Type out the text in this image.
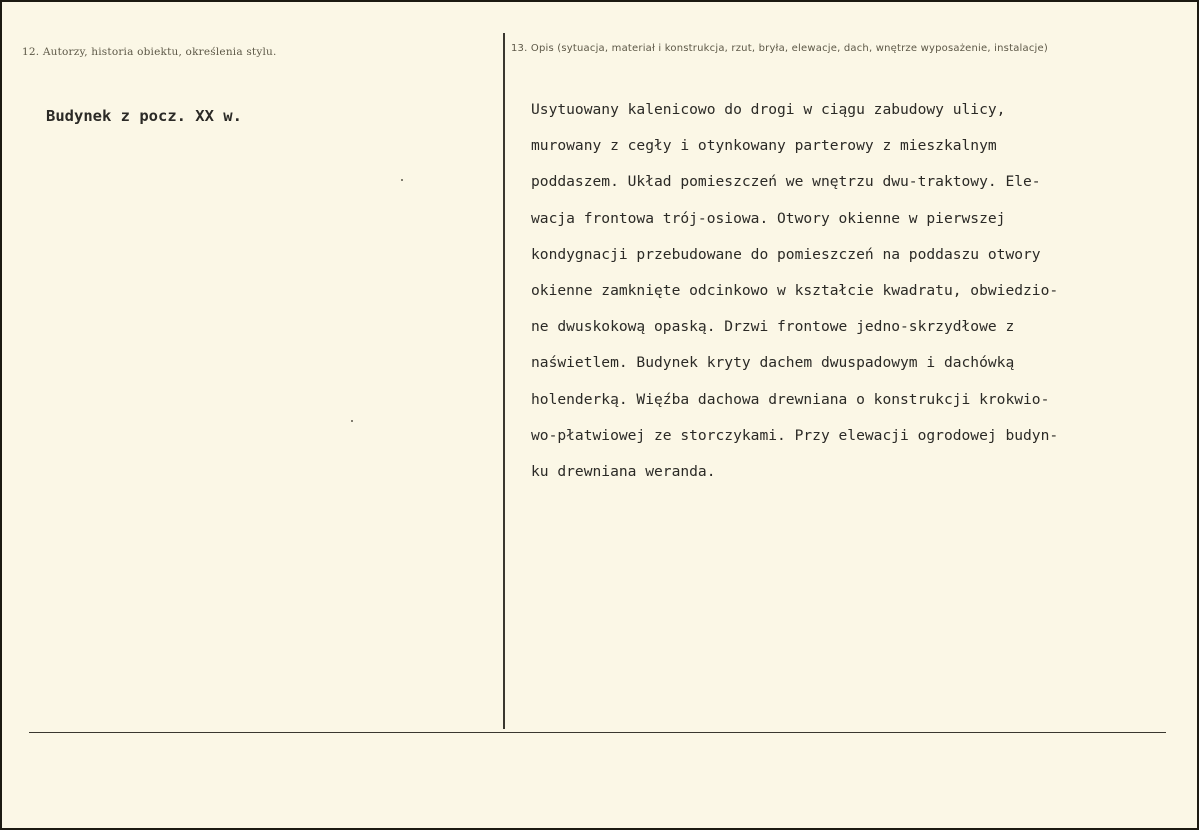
12. Autorzy, historia obiektu, określenia stylu.	13. Opis (sytuacja, materiał i konstrukcja, rzut, bryła, elewacje, dach, wnętrze wyposażenie, instalacje)
Budynek z pocz. XX w.	Usytuowany kalenicowo do drogi w ciągu zabudowy ulicy,
murowany z cegły i otynkowany parterowy z mieszkalnym
poddaszem. Układ pomieszczeń we wnętrzu dwu-traktowy. Ele-
wacja frontowa trój-osiowa. Otwory okienne w pierwszej
kondygnacji przebudowane do pomieszczeń na poddaszu otwory
okienne zamknięte odcinkowo w kształcie kwadratu, obwiedzio-
ne dwuskokową opaską. Drzwi frontowe jedno-skrzydłowe z
naświetlem. Budynek kryty dachem dwuspadowym i dachówką
holenderką. Więźba dachowa drewniana o konstrukcji krokwio-
wo-płatwiowej ze storczykami. Przy elewacji ogrodowej budyn-
ku drewniana weranda.
